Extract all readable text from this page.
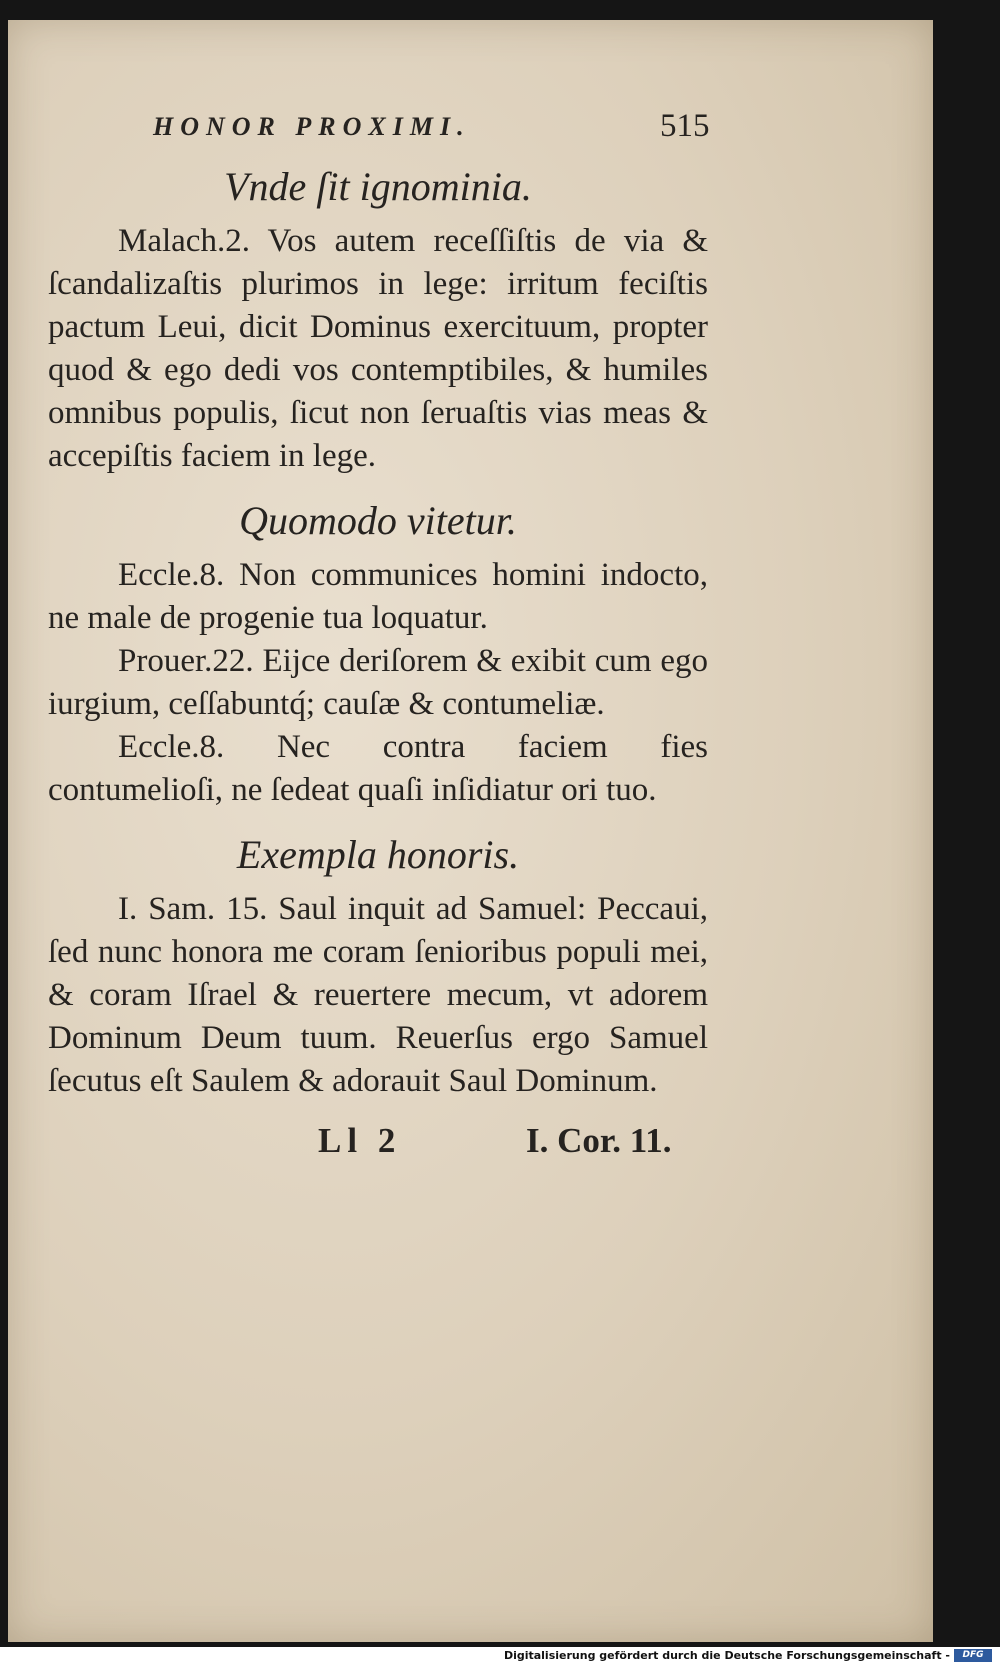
HONOR PROXIMI.	515
Vnde ſit ignominia.

Malach.2. Vos autem receſſiſtis de via & ſcandalizaſtis plurimos in lege: irritum feciſtis pactum Leui, dicit Dominus exercituum, propter quod & ego dedi vos contemptibiles, & humiles omnibus populis, ſicut non ſeruaſtis vias meas & accepiſtis faciem in lege.

Quomodo vitetur.

Eccle.8. Non communices homini indocto, ne male de progenie tua loquatur.

Prouer.22. Eijce deriſorem & exibit cum ego iurgium, ceſſabuntq́; cauſæ & contumeliæ.

Eccle.8. Nec contra faciem fies contumelioſi, ne ſedeat quaſi inſidiatur ori tuo.

Exempla honoris.

I. Sam. 15. Saul inquit ad Samuel: Peccaui, ſed nunc honora me coram ſenioribus populi mei, & coram Iſrael & reuertere mecum, vt adorem Dominum Deum tuum. Reuerſus ergo Samuel ſecutus eſt Saulem & adorauit Saul Dominum.

Ll 2	I. Cor. 11.
Digitalisierung gefördert durch die Deutsche Forschungsgemeinschaft -	DFG
